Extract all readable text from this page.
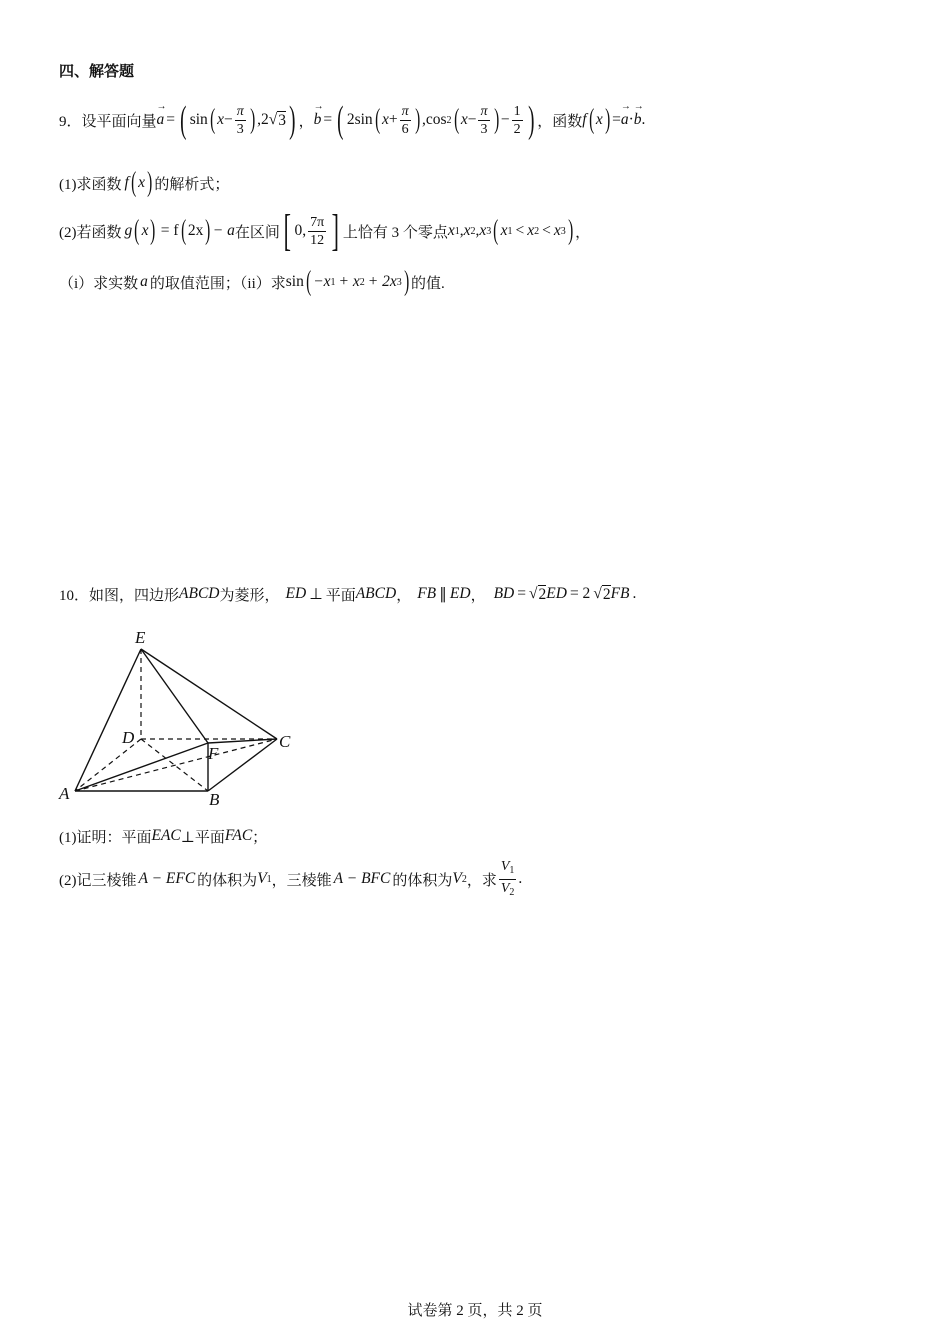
四、解答题
9． 设平面向量 → a = ( sin ( $x - \frac{\pi}{3}$ ) ,2 √ 3 ) ， → b = ( 2sin ( $x + \frac{\pi}{6}$ ) ,cos 2 ( $x - \frac{\pi}{3}$ ) − $\frac{1}{2}$ ) ，函数 f ( x ) = → a · → b .
(1)求函数 f ( x ) 的解析式；
(2)若函数 g ( x ) = f ( 2x ) − a 在区间 [ 0, $\frac{7\pi}{12}$ ] 上恰有 3 个零点 x 1 , x 2 , x 3 ( x 1 < x 2 < x 3 ) ，
（i）求实数 a 的取值范围；（ii）求 sin ( −x 1 + x 2 + 2x 3 ) 的值.
10． 如图，四边形 ABCD 为菱形， ED ⊥ 平面 ABCD ， FB ∥ ED ， BD = √ 2 ED = 2 √ 2 FB .
E
D
F
C
A	B
(1)证明：平面 EAC ⊥平面 FAC ；
(2)记三棱锥 A − EFC 的体积为 V 1 ，三棱锥 A − BFC 的体积为 V 2 ，求 $\frac{V_1}{V_2}$ .
试卷第 2 页，共 2 页
